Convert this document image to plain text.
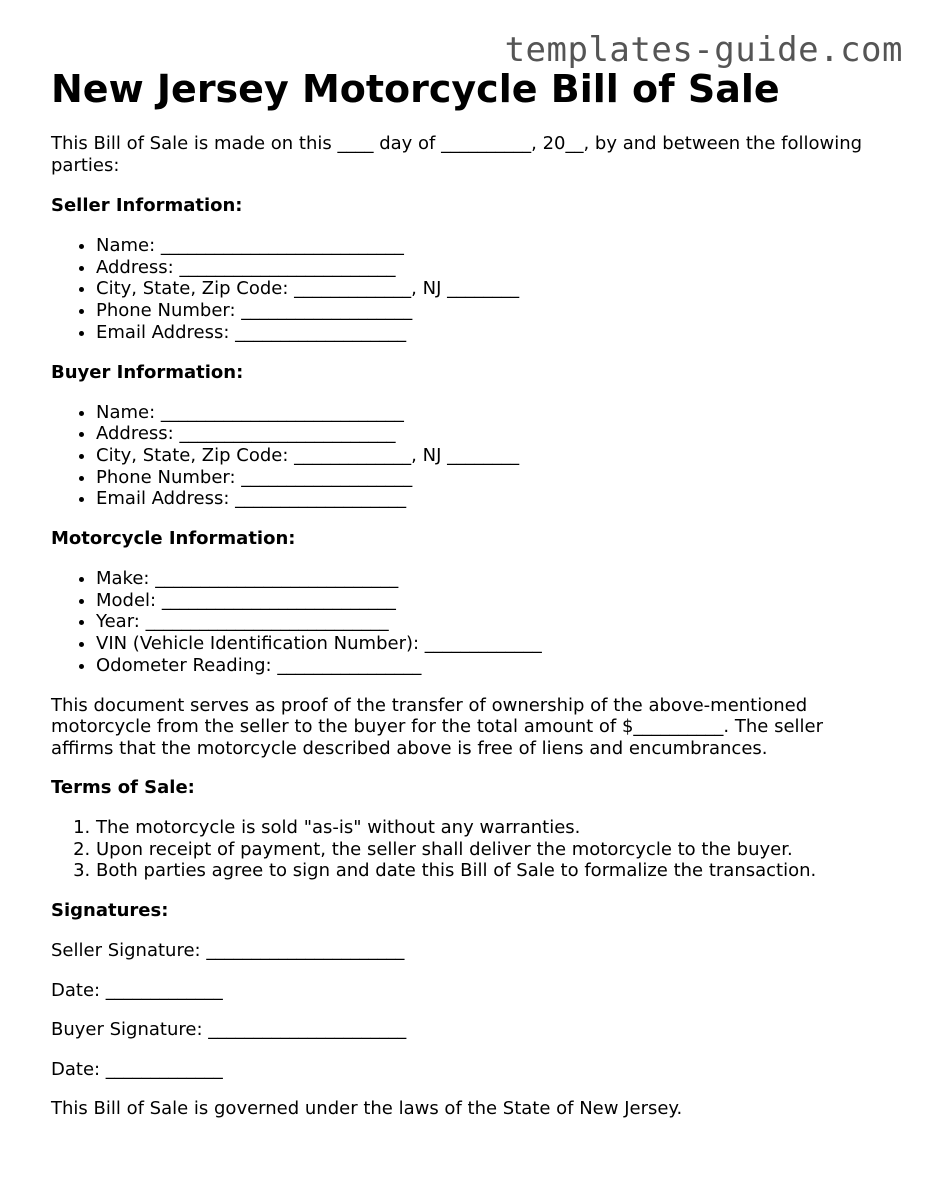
templates-guide.com
New Jersey Motorcycle Bill of Sale

This Bill of Sale is made on this ____ day of __________, 20__, by and between the following parties:

Seller Information:
• Name: ___________________________
• Address: ________________________
• City, State, Zip Code: _____________, NJ ________
• Phone Number: ___________________
• Email Address: ___________________
Buyer Information:
• Name: ___________________________
• Address: ________________________
• City, State, Zip Code: _____________, NJ ________
• Phone Number: ___________________
• Email Address: ___________________
Motorcycle Information:
• Make: ___________________________
• Model: __________________________
• Year: ___________________________
• VIN (Vehicle Identification Number): _____________
• Odometer Reading: ________________

This document serves as proof of the transfer of ownership of the above-mentioned motorcycle from the seller to the buyer for the total amount of $__________. The seller affirms that the motorcycle described above is free of liens and encumbrances.

Terms of Sale:
1. The motorcycle is sold "as-is" without any warranties.
2. Upon receipt of payment, the seller shall deliver the motorcycle to the buyer.
3. Both parties agree to sign and date this Bill of Sale to formalize the transaction.
Signatures:

Seller Signature: ______________________

Date: _____________

Buyer Signature: ______________________

Date: _____________

This Bill of Sale is governed under the laws of the State of New Jersey.
